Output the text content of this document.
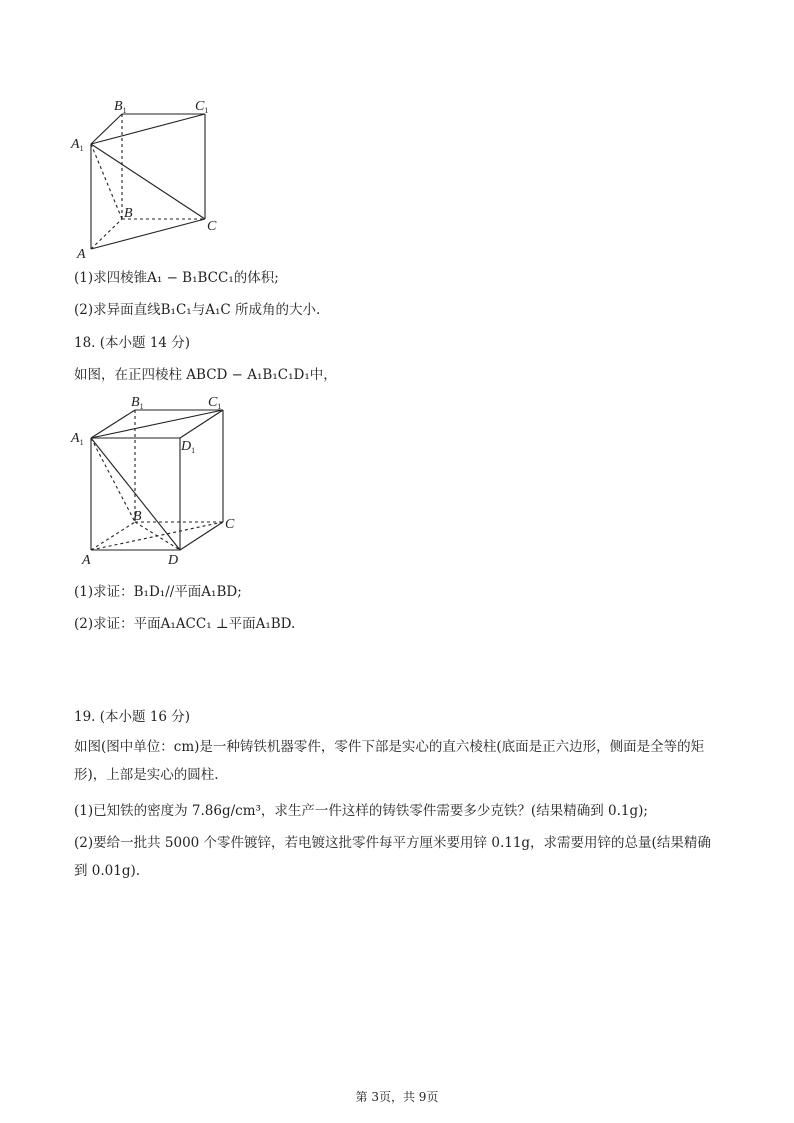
$B_1$	$C_1$
$A_1$
B
C
A
(1)求四棱锥A₁ − B₁BCC₁的体积;
(2)求异面直线B₁C₁与A₁C 所成角的大小.
18. (本小题 14 分)
如图，在正四棱柱 ABCD − A₁B₁C₁D₁中，
$B_1$	$C_1$
$A_1$	$D_1$
B
C
A	D
(1)求证：B₁D₁//平面A₁BD;
(2)求证：平面A₁ACC₁ ⊥平面A₁BD.
19. (本小题 16 分)
如图(图中单位：cm)是一种铸铁机器零件，零件下部是实心的直六棱柱(底面是正六边形，侧面是全等的矩形)，上部是实心的圆柱.
(1)已知铁的密度为 7.86g/cm³，求生产一件这样的铸铁零件需要多少克铁？(结果精确到 0.1g);
(2)要给一批共 5000 个零件镀锌，若电镀这批零件每平方厘米要用锌 0.11g，求需要用锌的总量(结果精确到 0.01g).
第 3页，共 9页
